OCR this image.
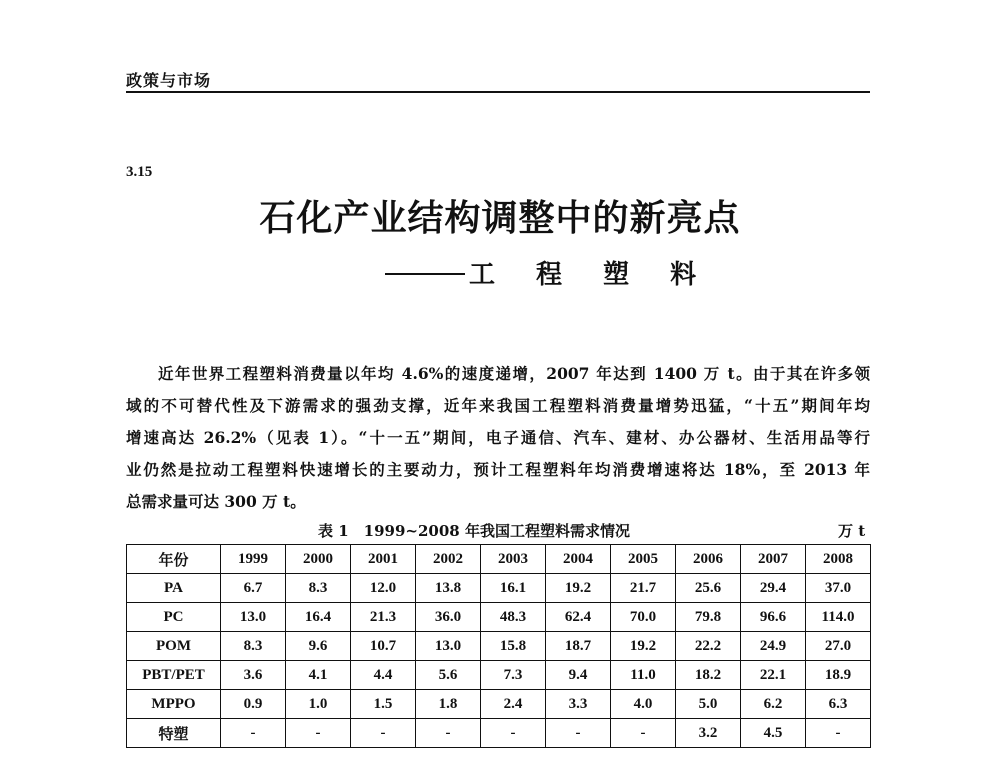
政策与市场
3.15
石化产业结构调整中的新亮点
工 程 塑 料
近年世界工程塑料消费量以年均 4.6%的速度递增，2007 年达到 1400 万 t。由于其在许多领
域的不可替代性及下游需求的强劲支撑，近年来我国工程塑料消费量增势迅猛，“十五”期间年均
增速高达 26.2%（见表 1）。“十一五”期间，电子通信、汽车、建材、办公器材、生活用品等行
业仍然是拉动工程塑料快速增长的主要动力，预计工程塑料年均消费增速将达 18%，至 2013 年
总需求量可达 300 万 t。
表 1　1999~2008 年我国工程塑料需求情况	万 t
年份	1999	2000	2001	2002	2003	2004	2005	2006	2007	2008
PA	6.7	8.3	12.0	13.8	16.1	19.2	21.7	25.6	29.4	37.0
PC	13.0	16.4	21.3	36.0	48.3	62.4	70.0	79.8	96.6	114.0
POM	8.3	9.6	10.7	13.0	15.8	18.7	19.2	22.2	24.9	27.0
PBT/PET	3.6	4.1	4.4	5.6	7.3	9.4	11.0	18.2	22.1	18.9
MPPO	0.9	1.0	1.5	1.8	2.4	3.3	4.0	5.0	6.2	6.3
特塑	-	-	-	-	-	-	-	3.2	4.5	-
